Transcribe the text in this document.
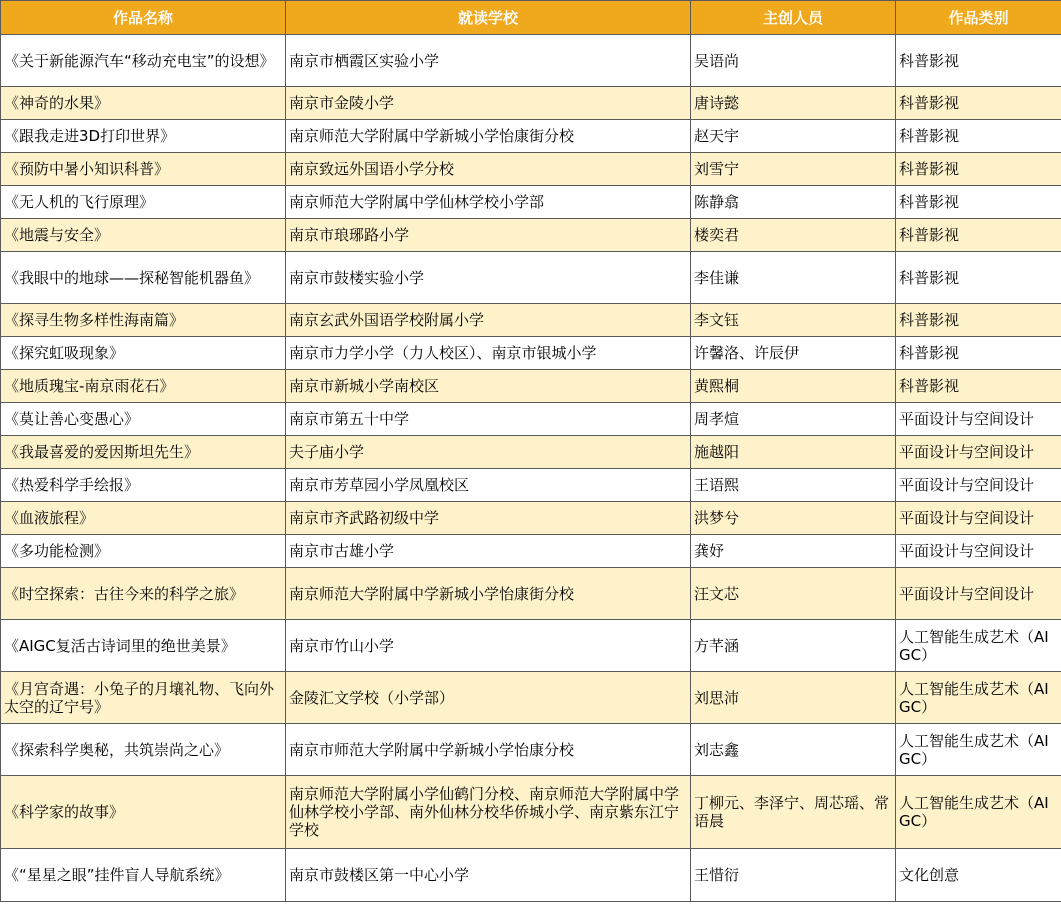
作品名称	就读学校	主创人员	作品类别
《关于新能源汽车“移动充电宝”的设想》	南京市栖霞区实验小学	吴语尚	科普影视
《神奇的水果》	南京市金陵小学	唐诗懿	科普影视
《跟我走进3D打印世界》	南京师范大学附属中学新城小学怡康街分校	赵天宇	科普影视
《预防中暑小知识科普》	南京致远外国语小学分校	刘雪宁	科普影视
《无人机的飞行原理》	南京师范大学附属中学仙林学校小学部	陈静翕	科普影视
《地震与安全》	南京市琅琊路小学	楼奕君	科普影视
《我眼中的地球——探秘智能机器鱼》	南京市鼓楼实验小学	李佳谦	科普影视
《探寻生物多样性海南篇》	南京玄武外国语学校附属小学	李文钰	科普影视
《探究虹吸现象》	南京市力学小学（力人校区）、南京市银城小学	许馨洛、许辰伊	科普影视
《地质瑰宝-南京雨花石》	南京市新城小学南校区	黄熙桐	科普影视
《莫让善心变愚心》	南京市第五十中学	周孝煊	平面设计与空间设计
《我最喜爱的爱因斯坦先生》	夫子庙小学	施越阳	平面设计与空间设计
《热爱科学手绘报》	南京市芳草园小学凤凰校区	王语熙	平面设计与空间设计
《血液旅程》	南京市齐武路初级中学	洪梦兮	平面设计与空间设计
《多功能检测》	南京市古雄小学	龚妤	平面设计与空间设计
《时空探索：古往今来的科学之旅》	南京师范大学附属中学新城小学怡康街分校	汪文芯	平面设计与空间设计
《AIGC复活古诗词里的绝世美景》	南京市竹山小学	方芊涵	人工智能生成艺术（AIGC）
《月宫奇遇：小兔子的月壤礼物、飞向外太空的辽宁号》	金陵汇文学校（小学部）	刘思沛	人工智能生成艺术（AIGC）
《探索科学奥秘，共筑崇尚之心》	南京市师范大学附属中学新城小学怡康分校	刘志鑫	人工智能生成艺术（AIGC）
《科学家的故事》	南京师范大学附属小学仙鹤门分校、南京师范大学附属中学仙林学校小学部、南外仙林分校华侨城小学、南京紫东江宁学校	丁柳元、李泽宁、周芯瑶、常语晨	人工智能生成艺术（AIGC）
《“星星之眼”挂件盲人导航系统》	南京市鼓楼区第一中心小学	王惜衍	文化创意
